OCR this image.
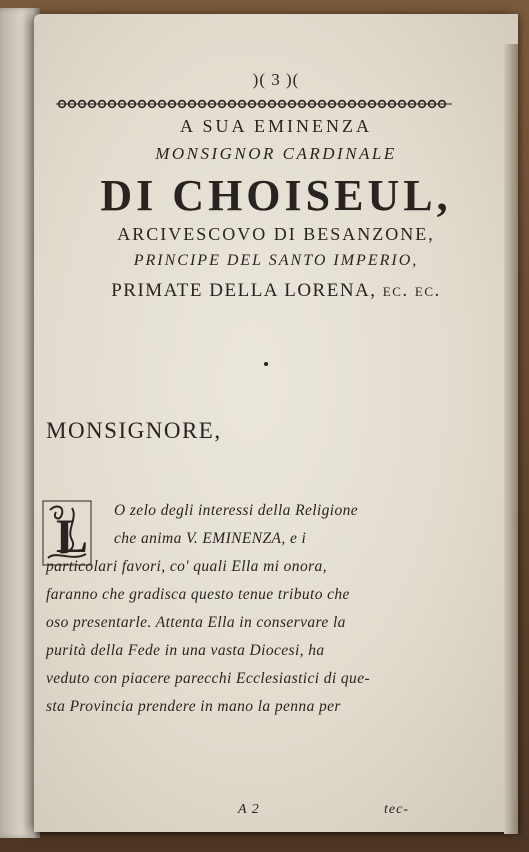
)( 3 )(
A SUA EMINENZA
MONSIGNOR CARDINALE
DI CHOISEUL,
ARCIVESCOVO DI BESANZONE,
PRINCIPE DEL SANTO IMPERIO,
PRIMATE DELLA LORENA, ec. ec.
MONSIGNORE,
L O zelo degli interessi della Religione
che anima V. EMINENZA, e i
particolari favori, co' quali Ella mi onora,
faranno che gradisca questo tenue tributo che
oso presentarle. Attenta Ella in conservare la
purità della Fede in una vasta Diocesi, ha
veduto con piacere parecchi Ecclesiastici di que-
sta Provincia prendere in mano la penna per
A 2	tec-
